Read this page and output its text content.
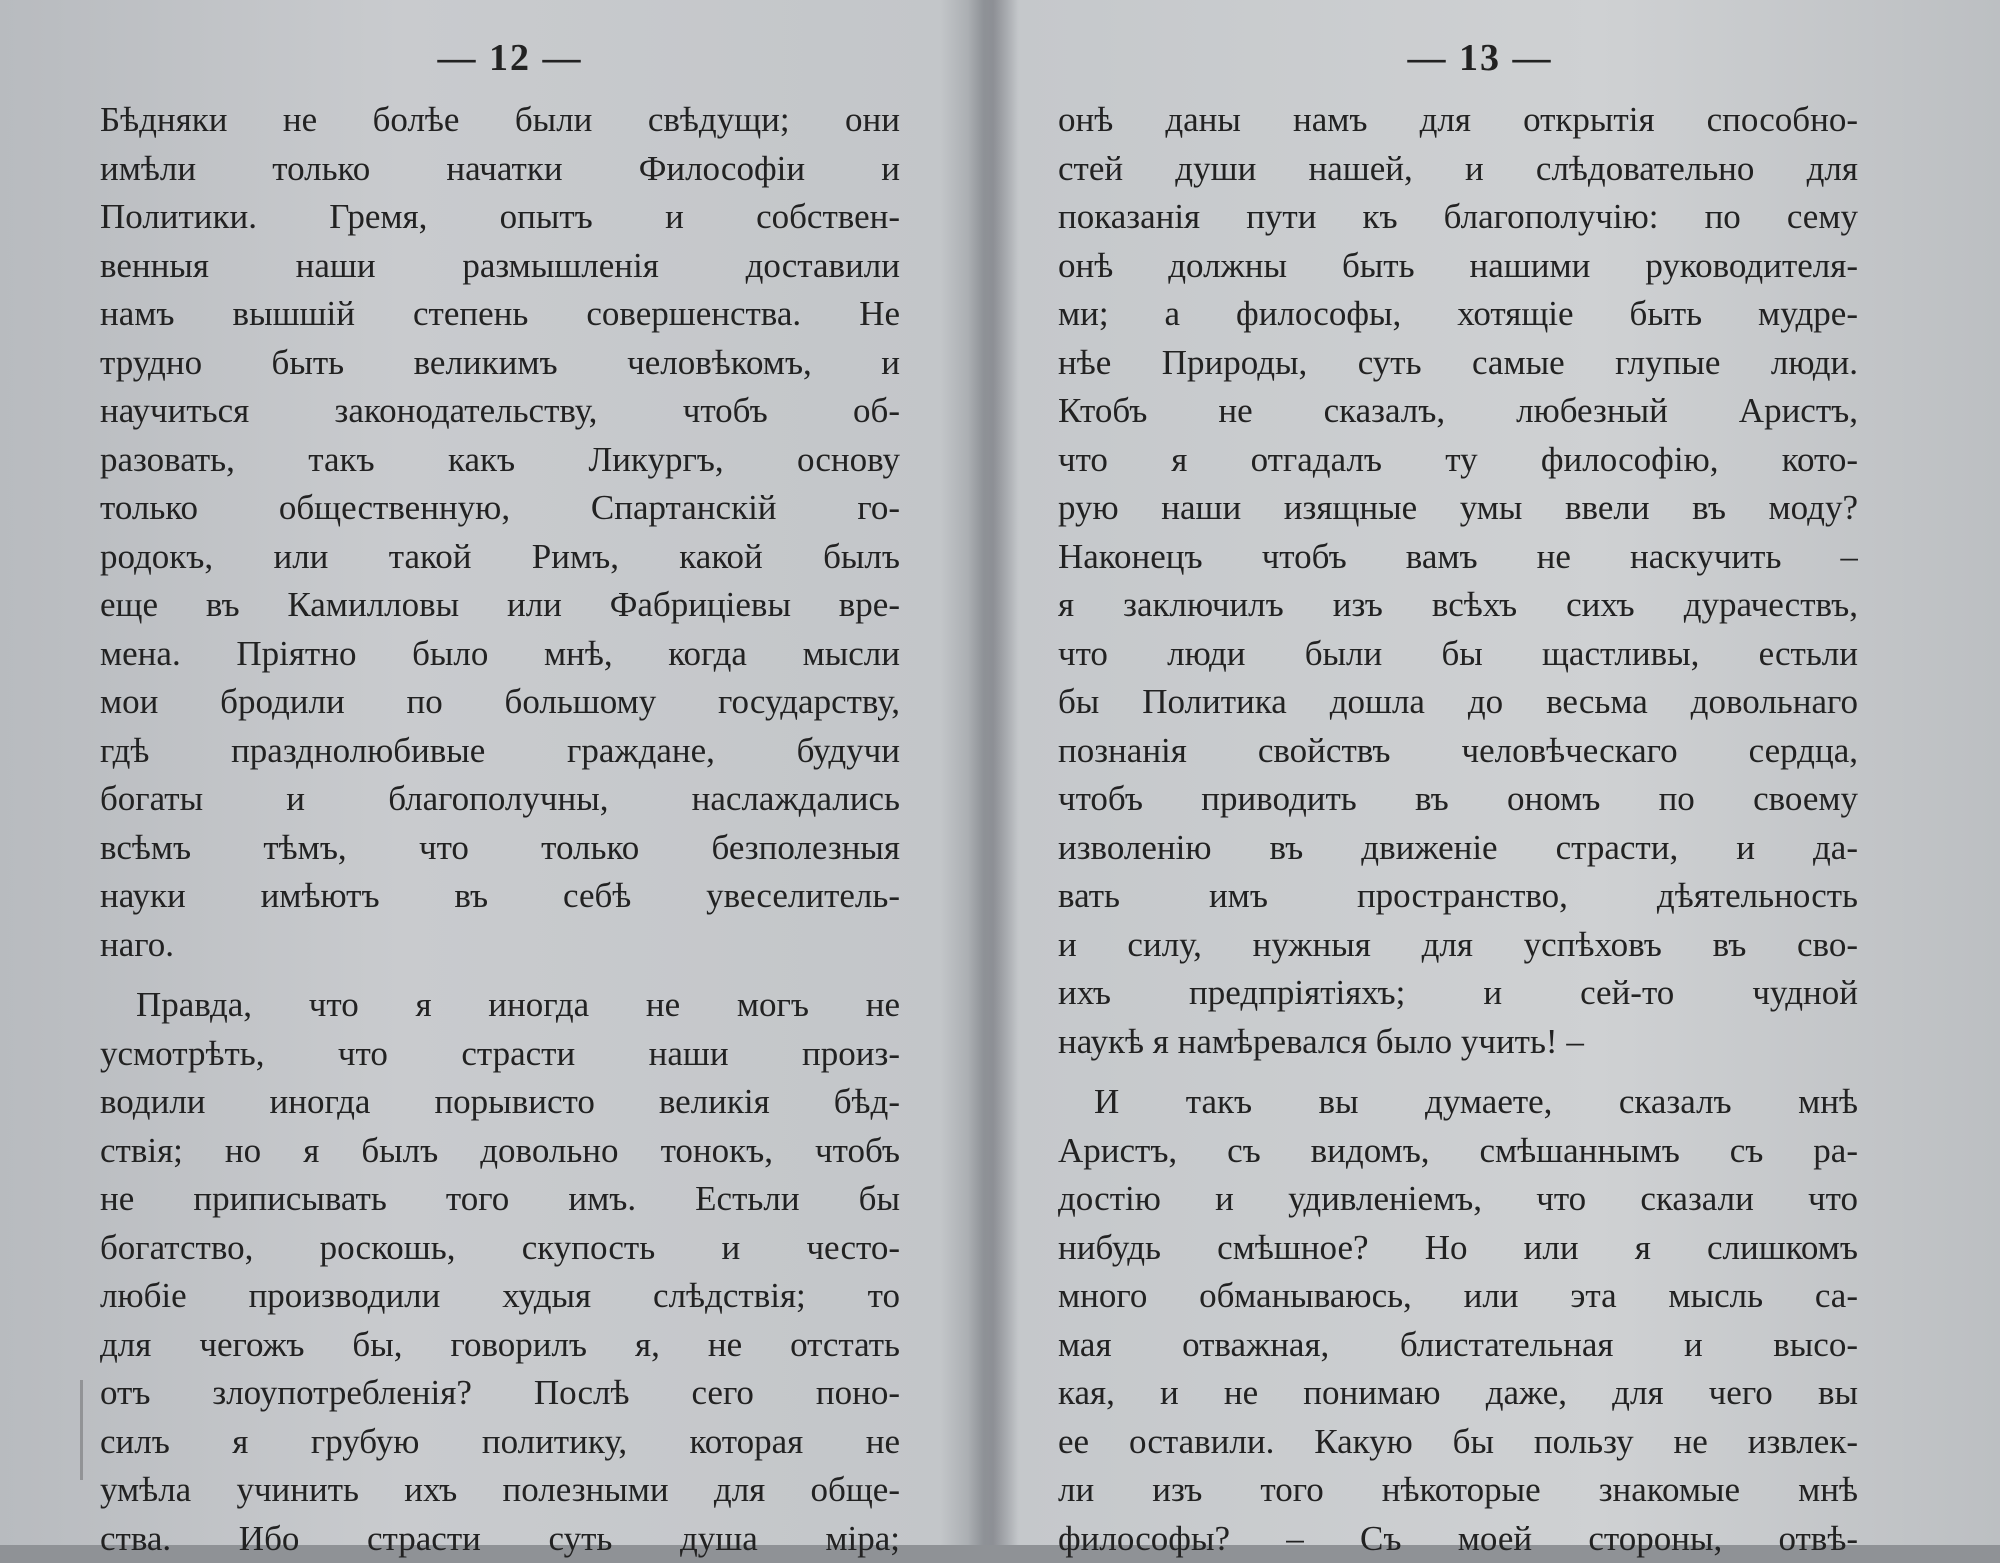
— 12 —
Бѣдняки не болѣе были свѣдущи; они
имѣли только начатки Философіи и
Политики. Гремя, опытъ и собствен-
венныя наши размышленія доставили
намъ вышшій степень совершенства. Не
трудно быть великимъ человѣкомъ, и
научиться законодательству, чтобъ об-
разовать, такъ какъ Ликургъ, основу
только общественную, Спартанскій го-
родокъ, или такой Римъ, какой былъ
еще въ Камилловы или Фабриціевы вре-
мена. Пріятно было мнѣ, когда мысли
мои бродили по большому государству,
гдѣ празднолюбивые граждане, будучи
богаты и благополучны, наслаждались
всѣмъ тѣмъ, что только безполезныя
науки имѣютъ въ себѣ увеселитель-
наго.
Правда, что я иногда не могъ не
усмотрѣть, что страсти наши произ-
водили иногда порывисто великія бѣд-
ствія; но я былъ довольно тонокъ, чтобъ
не приписывать того имъ. Естьли бы
богатство, роскошь, скупость и често-
любіе производили худыя слѣдствія; то
для чегожъ бы, говорилъ я, не отстать
отъ злоупотребленія? Послѣ сего поно-
силъ я грубую политику, которая не
умѣла учинить ихъ полезными для обще-
ства. Ибо страсти суть душа міра;
— 13 —
онѣ даны намъ для открытія способно-
стей души нашей, и слѣдовательно для
показанія пути къ благополучію: по сему
онѣ должны быть нашими руководителя-
ми; а философы, хотящіе быть мудре-
нѣе Природы, суть самые глупые люди.
Ктобъ не сказалъ, любезный Аристъ,
что я отгадалъ ту философію, кото-
рую наши изящные умы ввели въ моду?
Наконецъ чтобъ вамъ не наскучить –
я заключилъ изъ всѣхъ сихъ дурачествъ,
что люди были бы щастливы, естьли
бы Политика дошла до весьма довольнаго
познанія свойствъ человѣческаго сердца,
чтобъ приводить въ ономъ по своему
изволенію въ движеніе страсти, и да-
вать имъ пространство, дѣятельность
и силу, нужныя для успѣховъ въ сво-
ихъ предпріятіяхъ; и сей-то чудной
наукѣ я намѣревался было учить! –
И такъ вы думаете, сказалъ мнѣ
Аристъ, съ видомъ, смѣшаннымъ съ ра-
достію и удивленіемъ, что сказали что
нибудь смѣшное? Но или я слишкомъ
много обманываюсь, или эта мысль са-
мая отважная, блистательная и высо-
кая, и не понимаю даже, для чего вы
ее оставили. Какую бы пользу не извлек-
ли изъ того нѣкоторые знакомые мнѣ
философы? – Съ моей стороны, отвѣ-
